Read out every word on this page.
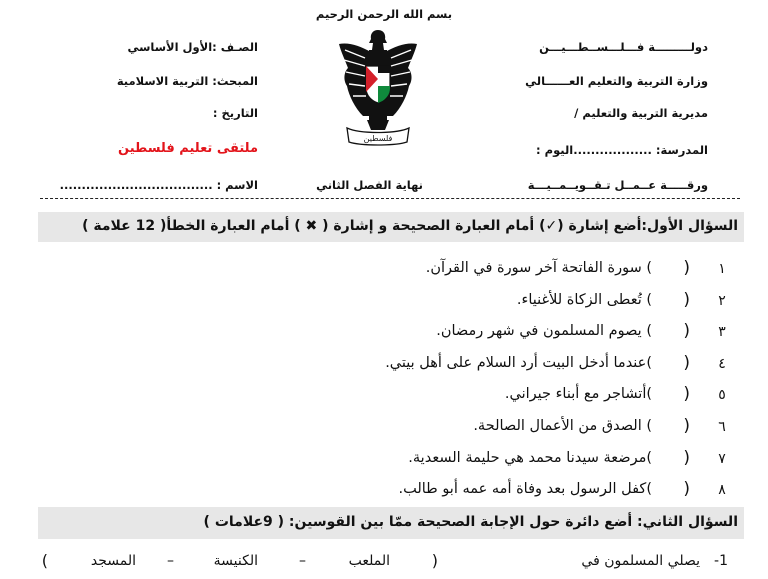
بسم الله الرحمن الرحيم
دولـــــــــة فـــلـــســطـــيـــن
وزارة التربية والتعليم العــــــالي
مديرية التربية والتعليم /
المدرسة: ..................اليوم :
ورقـــــة عــمــل تـقــويــمــيـــة
الصـف :الأول الأساسي
المبحث: التربية الاسلامية
التاريخ :
ملتقى تعليم فلسطين
الاسم : ...................................	نهاية الفصل الثاني
فلسطين
السؤال الأول:أضع إشارة (✓) أمام العبارة الصحيحة و إشارة ( ✖ ) أمام العبارة الخطأ( 12 علامة )
١
(
) سورة الفاتحة آخر سورة في القرآن.
٢
(
) تُعطى الزكاة للأغنياء.
٣
(
) يصوم المسلمون في شهر رمضان.
٤
(
)عندما أدخل البيت أرد السلام على أهل بيتي.
٥
(
)أتشاجر مع أبناء جيراني.
٦
(
) الصدق من الأعمال الصالحة.
٧
(
)مرضعة سيدنا محمد هي حليمة السعدية.
٨
(
)كفل الرسول بعد وفاة أمه عمه أبو طالب.
السؤال الثاني: أضع دائرة حول الإجابة الصحيحة ممّا بين القوسين: ( 9علامات )
1-
يصلي المسلمون في
(
الملعب
–
الكنيسة
–
المسجد
)
